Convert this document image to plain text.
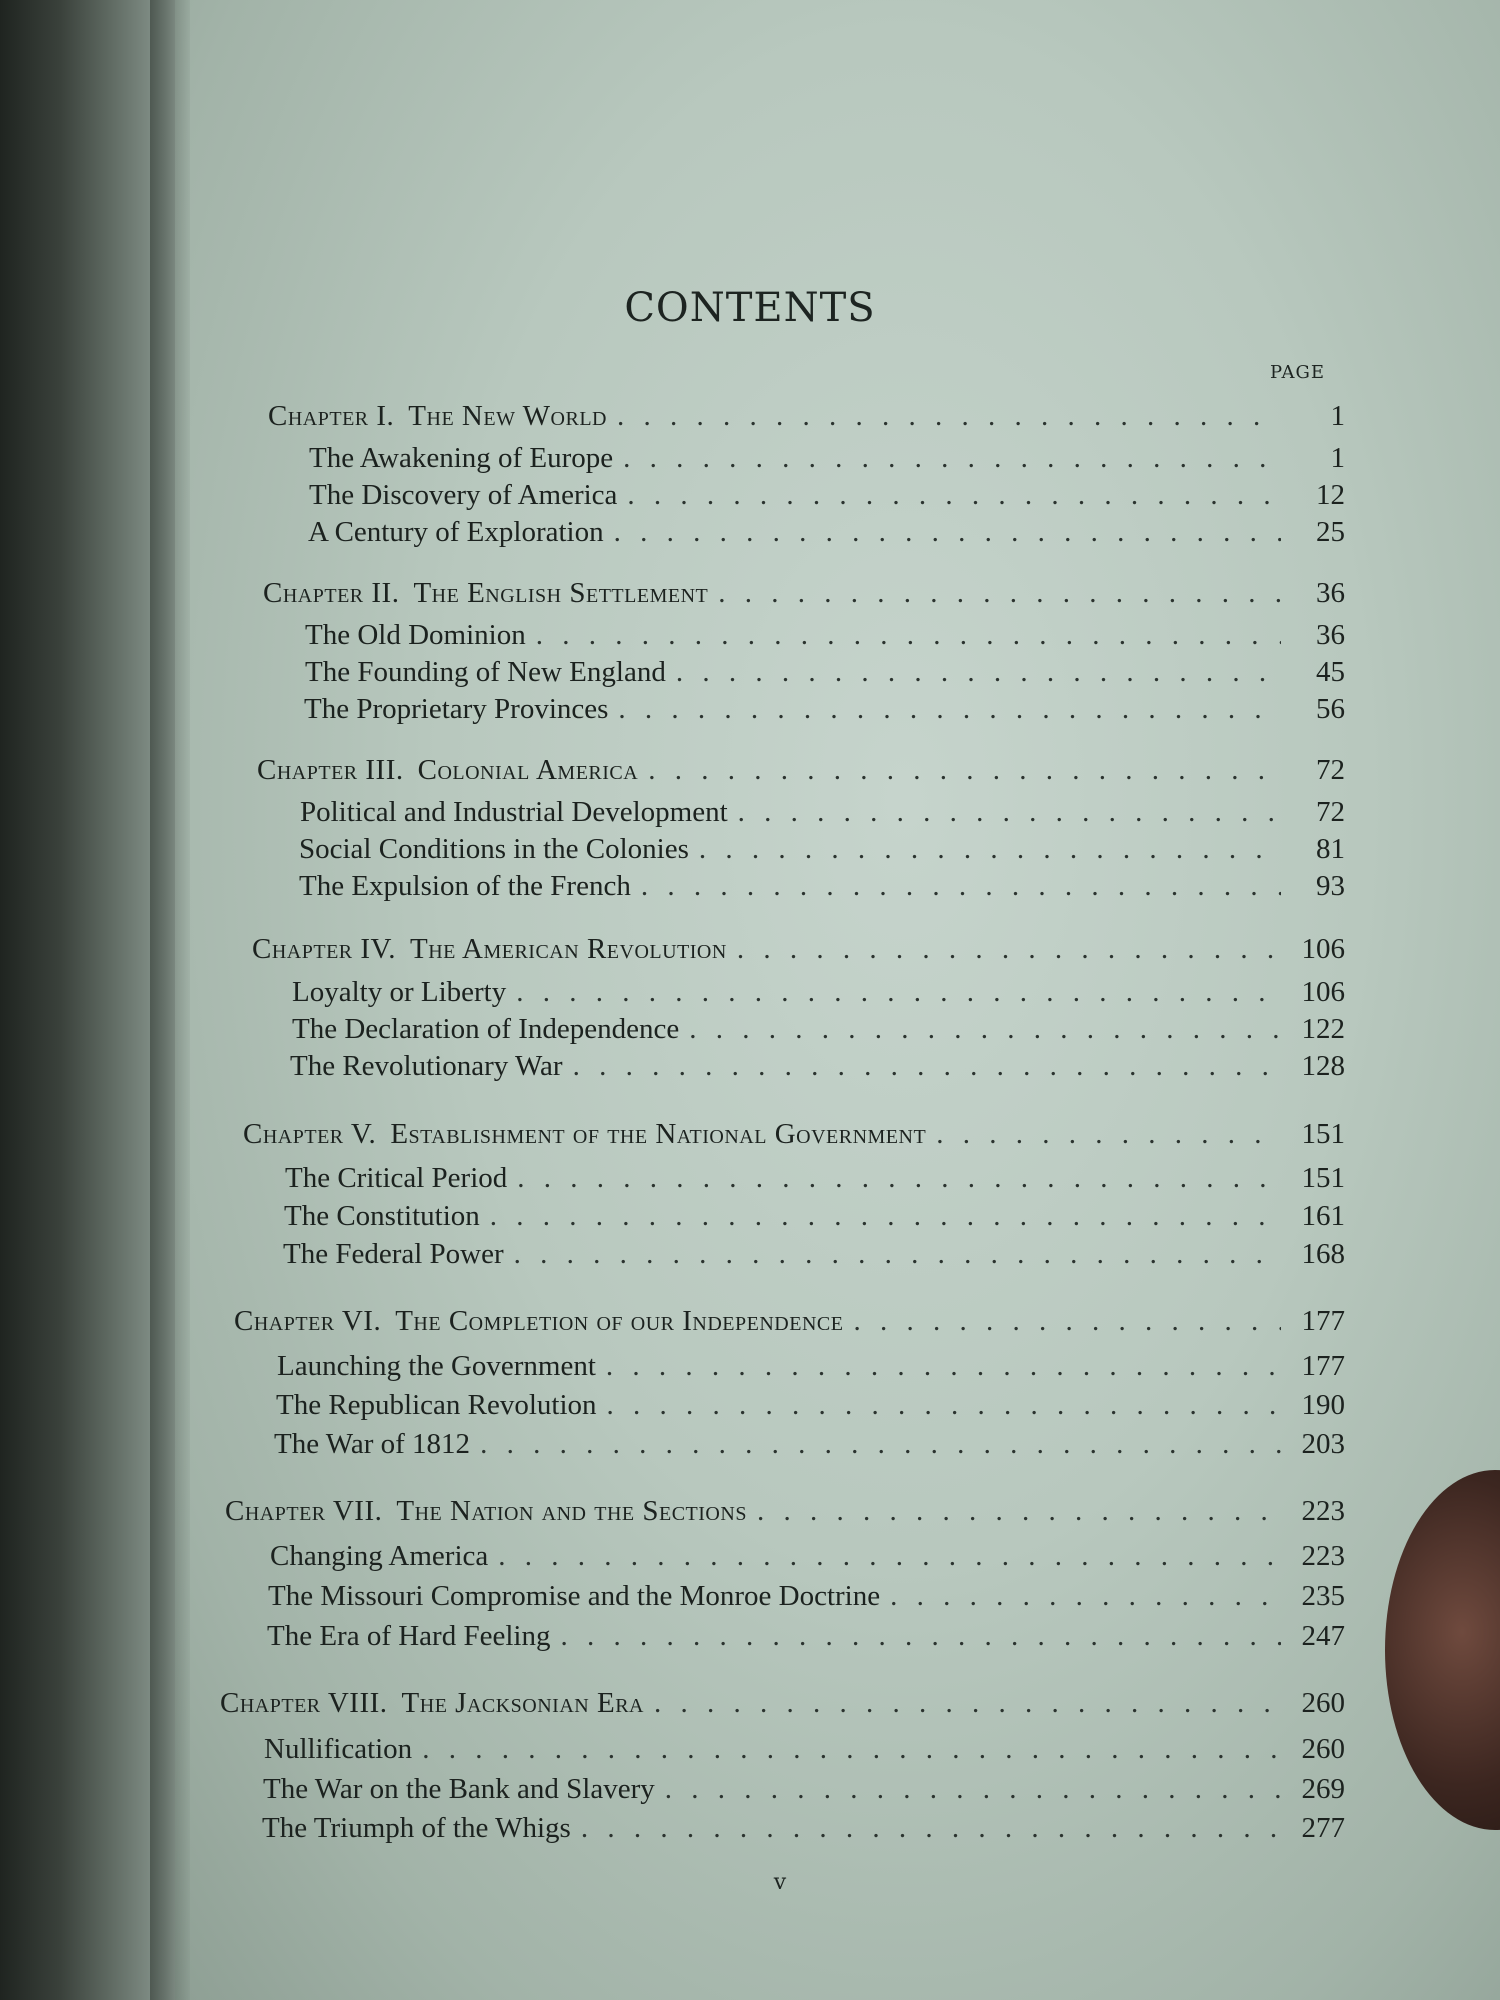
CONTENTS
PAGE
Chapter I. The New World . . .	1
The Awakening of Europe . . .	1
The Discovery of America . . .	12
A Century of Exploration . . .	25
Chapter II. The English Settlement . . .	36
The Old Dominion . . .	36
The Founding of New England . . .	45
The Proprietary Provinces . . .	56
Chapter III. Colonial America . . .	72
Political and Industrial Development . . .	72
Social Conditions in the Colonies . . .	81
The Expulsion of the French . . .	93
Chapter IV. The American Revolution . . .	106
Loyalty or Liberty . . .	106
The Declaration of Independence . . .	122
The Revolutionary War . . .	128
Chapter V. Establishment of the National Government . . .	151
The Critical Period . . .	151
The Constitution . . .	161
The Federal Power . . .	168
Chapter VI. The Completion of our Independence . . .	177
Launching the Government . . .	177
The Republican Revolution . . .	190
The War of 1812 . . .	203
Chapter VII. The Nation and the Sections . . .	223
Changing America . . .	223
The Missouri Compromise and the Monroe Doctrine . . .	235
The Era of Hard Feeling . . .	247
Chapter VIII. The Jacksonian Era . . .	260
Nullification . . .	260
The War on the Bank and Slavery . . .	269
The Triumph of the Whigs . . .	277
v
